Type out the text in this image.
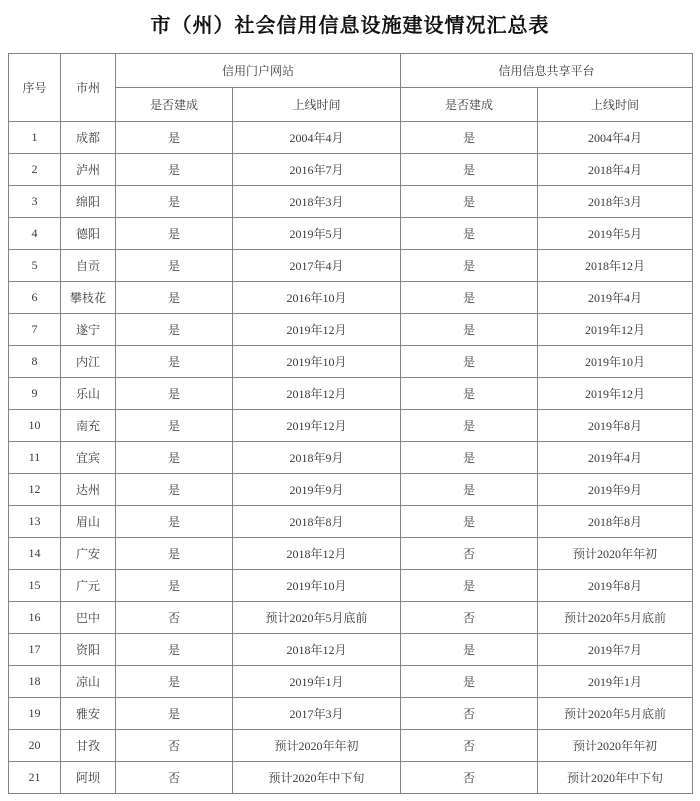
市（州）社会信用信息设施建设情况汇总表
序号	市州	信用门户网站		信用信息共享平台	
		是否建成	上线时间	是否建成	上线时间
1	成都	是	2004年4月	是	2004年4月
2	泸州	是	2016年7月	是	2018年4月
3	绵阳	是	2018年3月	是	2018年3月
4	德阳	是	2019年5月	是	2019年5月
5	自贡	是	2017年4月	是	2018年12月
6	攀枝花	是	2016年10月	是	2019年4月
7	遂宁	是	2019年12月	是	2019年12月
8	内江	是	2019年10月	是	2019年10月
9	乐山	是	2018年12月	是	2019年12月
10	南充	是	2019年12月	是	2019年8月
11	宜宾	是	2018年9月	是	2019年4月
12	达州	是	2019年9月	是	2019年9月
13	眉山	是	2018年8月	是	2018年8月
14	广安	是	2018年12月	否	预计2020年年初
15	广元	是	2019年10月	是	2019年8月
16	巴中	否	预计2020年5月底前	否	预计2020年5月底前
17	资阳	是	2018年12月	是	2019年7月
18	凉山	是	2019年1月	是	2019年1月
19	雅安	是	2017年3月	否	预计2020年5月底前
20	甘孜	否	预计2020年年初	否	预计2020年年初
21	阿坝	否	预计2020年中下旬	否	预计2020年中下旬
